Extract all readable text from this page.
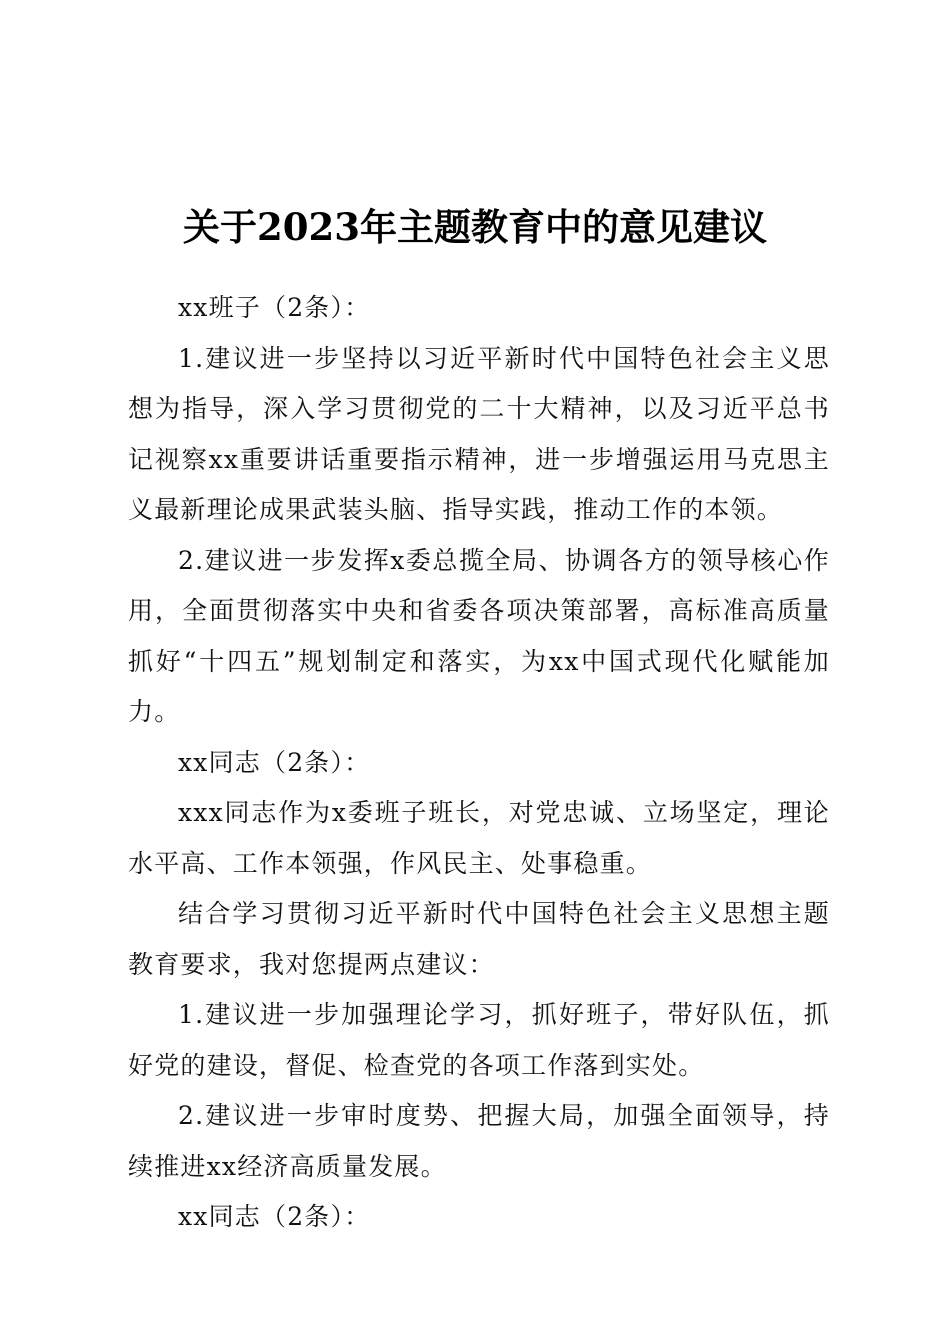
关于2023年主题教育中的意见建议

xx班子（2条）：

1.建议进一步坚持以习近平新时代中国特色社会主义思想为指导，深入学习贯彻党的二十大精神，以及习近平总书记视察xx重要讲话重要指示精神，进一步增强运用马克思主义最新理论成果武装头脑、指导实践，推动工作的本领。

2.建议进一步发挥x委总揽全局、协调各方的领导核心作用，全面贯彻落实中央和省委各项决策部署，高标准高质量抓好“十四五”规划制定和落实，为xx中国式现代化赋能加力。

xx同志（2条）：

xxx同志作为x委班子班长，对党忠诚、立场坚定，理论水平高、工作本领强，作风民主、处事稳重。

结合学习贯彻习近平新时代中国特色社会主义思想主题教育要求，我对您提两点建议：

1.建议进一步加强理论学习，抓好班子，带好队伍，抓好党的建设，督促、检查党的各项工作落到实处。

2.建议进一步审时度势、把握大局，加强全面领导，持续推进xx经济高质量发展。

xx同志（2条）：
